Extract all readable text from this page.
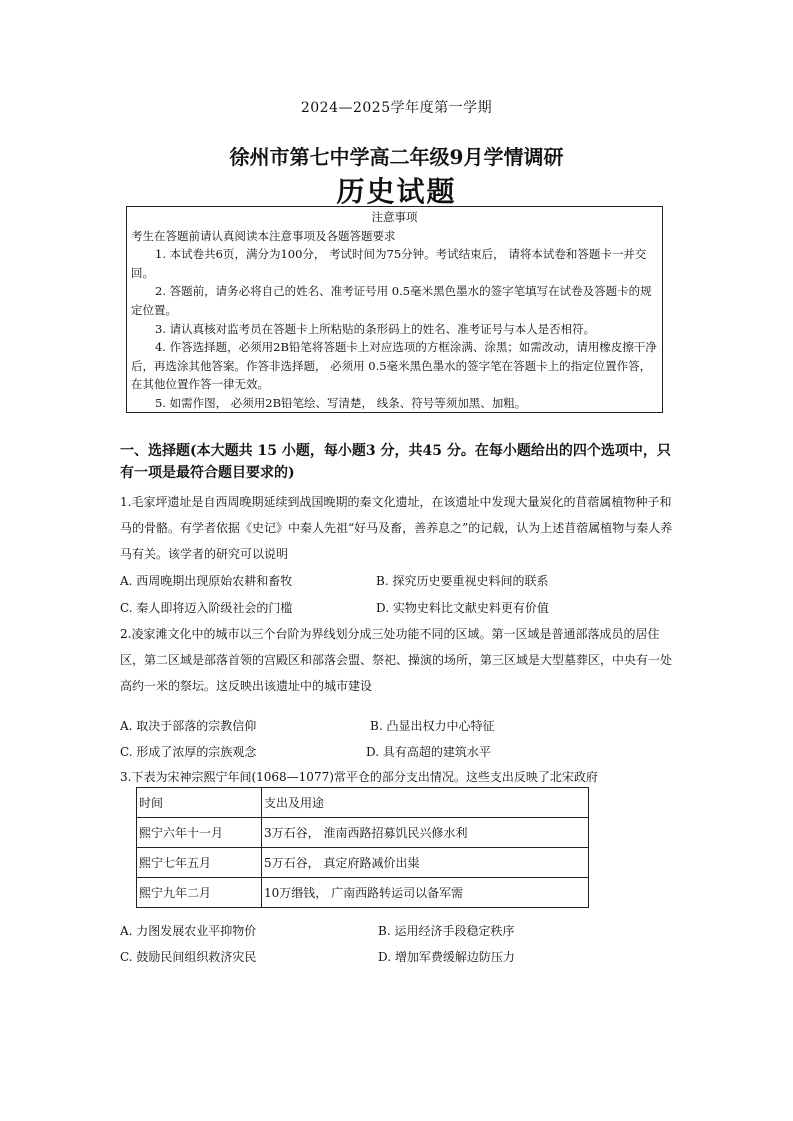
2024—2025学年度第一学期
徐州市第七中学高二年级9月学情调研
历史试题
注意事项
考生在答题前请认真阅读本注意事项及各题答题要求
1. 本试卷共6页，满分为100分， 考试时间为75分钟。考试结束后， 请将本试卷和答题卡一并交回。
2. 答题前，请务必将自己的姓名、准考证号用 0.5毫米黑色墨水的签字笔填写在试卷及答题卡的规定位置。
3. 请认真核对监考员在答题卡上所粘贴的条形码上的姓名、准考证号与本人是否相符。
4. 作答选择题，必须用2B铅笔将答题卡上对应选项的方框涂满、涂黑；如需改动，请用橡皮擦干净后，再选涂其他答案。作答非选择题， 必须用 0.5毫米黑色墨水的签字笔在答题卡上的指定位置作答， 在其他位置作答一律无效。
5. 如需作图， 必须用2B铅笔绘、写清楚， 线条、符号等须加黑、加粗。
一、选择题(本大题共 15 小题，每小题3 分，共45 分。在每小题给出的四个选项中，只有一项是最符合题目要求的)
1.毛家坪遗址是自西周晚期延续到战国晚期的秦文化遗址，在该遗址中发现大量炭化的苜蓿属植物种子和马的骨骼。有学者依据《史记》中秦人先祖“好马及畜，善养息之”的记载，认为上述苜蓿属植物与秦人养马有关。该学者的研究可以说明
A. 西周晚期出现原始农耕和畜牧	B. 探究历史要重视史料间的联系
C. 秦人即将迈入阶级社会的门槛	D. 实物史料比文献史料更有价值
2.凌家滩文化中的城市以三个台阶为界线划分成三处功能不同的区域。第一区域是普通部落成员的居住区，第二区域是部落首领的宫殿区和部落会盟、祭祀、操演的场所，第三区域是大型墓葬区，中央有一处高约一米的祭坛。这反映出该遗址中的城市建设
A. 取决于部落的宗教信仰	B. 凸显出权力中心特征
C. 形成了浓厚的宗族观念	D. 具有高超的建筑水平
3.下表为宋神宗熙宁年间(1068—1077)常平仓的部分支出情况。这些支出反映了北宋政府
时间	支出及用途
熙宁六年十一月	3万石谷， 淮南西路招募饥民兴修水利
熙宁七年五月	5万石谷， 真定府路减价出粜
熙宁九年二月	10万缗钱， 广南西路转运司以备军需
A. 力图发展农业平抑物价	B. 运用经济手段稳定秩序
C. 鼓励民间组织救济灾民	D. 增加军费缓解边防压力
